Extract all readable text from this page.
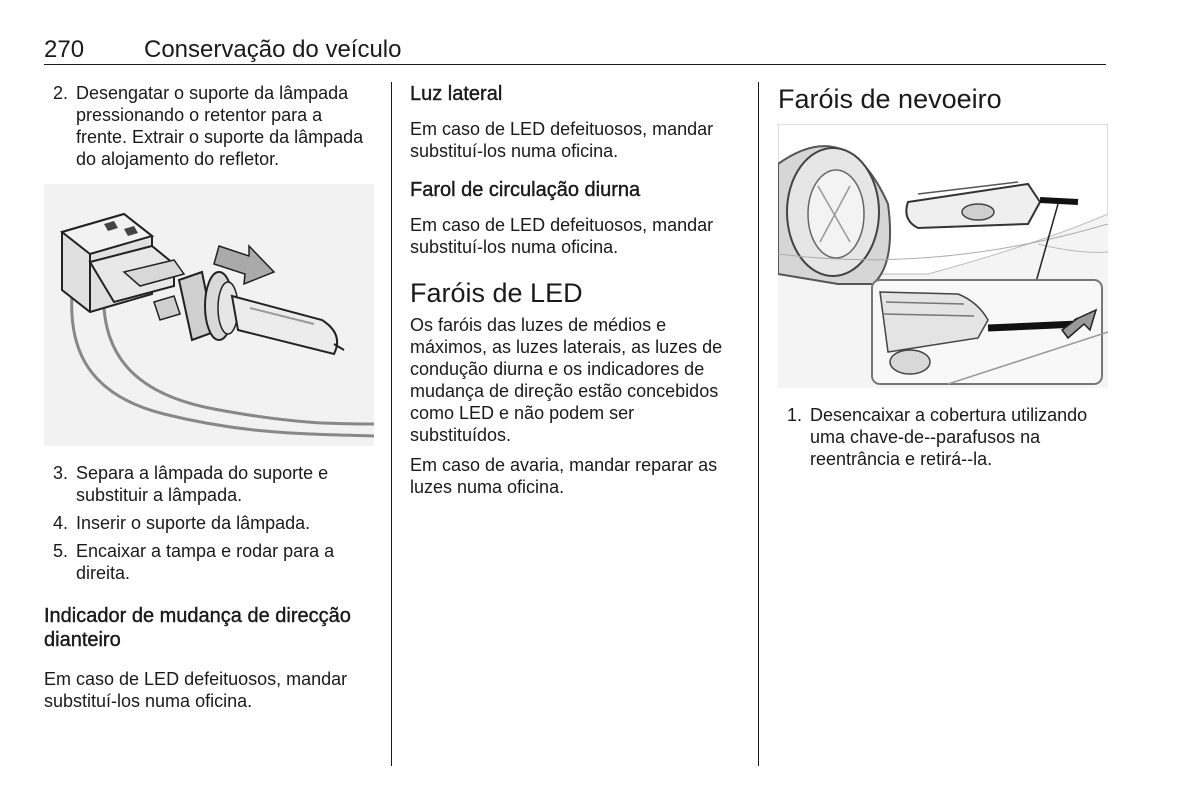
270 Conservação do veículo
2. Desengatar o suporte da lâmpada pressionando o retentor para a frente. Extrair o suporte da lâmpada do alojamento do refletor.
3. Separa a lâmpada do suporte e substituir a lâmpada.
4. Inserir o suporte da lâmpada.
5. Encaixar a tampa e rodar para a direita.
Indicador de mudança de direcção dianteiro

Em caso de LED defeituosos, mandar substituí-los numa oficina.

Luz lateral

Em caso de LED defeituosos, mandar substituí-los numa oficina.

Farol de circulação diurna

Em caso de LED defeituosos, mandar substituí-los numa oficina.

Faróis de LED

Os faróis das luzes de médios e máximos, as luzes laterais, as luzes de condução diurna e os indicadores de mudança de direção estão concebidos como LED e não podem ser substituídos.

Em caso de avaria, mandar reparar as luzes numa oficina.

Faróis de nevoeiro
1. Desencaixar a cobertura utilizando uma chave-de--parafusos na reentrância e retirá--la.
